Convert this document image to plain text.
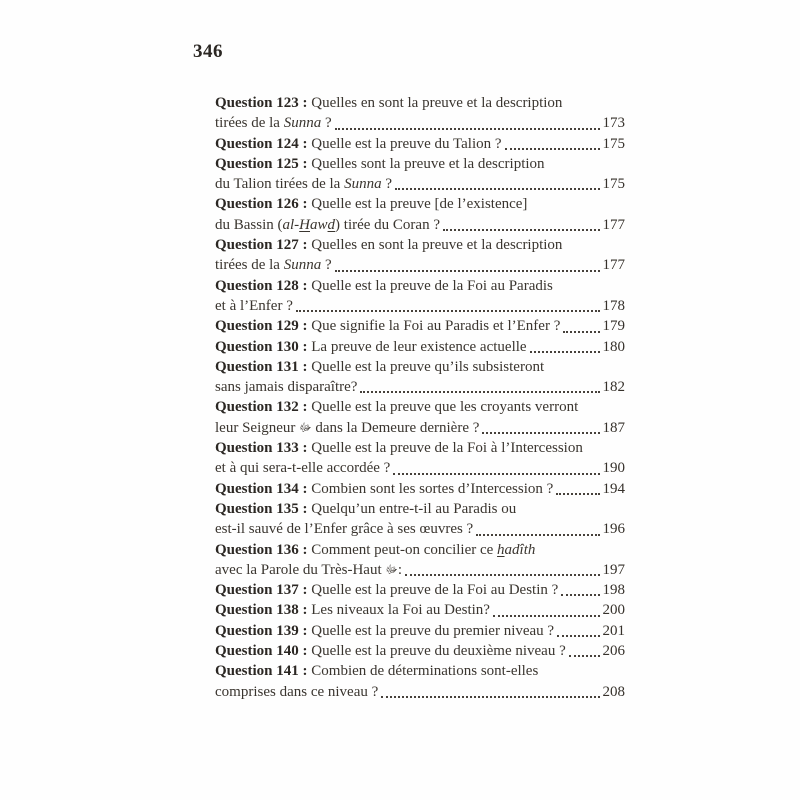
346
Question 123 : Quelles en sont la preuve et la description
tirées de la Sunna ?	173
Question 124 : Quelle est la preuve du Talion ?	175
Question 125 : Quelles sont la preuve et la description
du Talion tirées de la Sunna ?	175
Question 126 : Quelle est la preuve [de l’existence]
du Bassin (al-Hawd) tirée du Coran ?	177
Question 127 : Quelles en sont la preuve et la description
tirées de la Sunna ?	177
Question 128 : Quelle est la preuve de la Foi au Paradis
et à l’Enfer ?	178
Question 129 : Que signifie la Foi au Paradis et l’Enfer ?	179
Question 130 : La preuve de leur existence actuelle	180
Question 131 : Quelle est la preuve qu’ils subsisteront
sans jamais disparaître?	182
Question 132 : Quelle est la preuve que les croyants verront
leur Seigneur ﷻ dans la Demeure dernière ?	187
Question 133 : Quelle est la preuve de la Foi à l’Intercession
et à qui sera-t-elle accordée ?	190
Question 134 : Combien sont les sortes d’Intercession ?	194
Question 135 : Quelqu’un entre-t-il au Paradis ou
est-il sauvé de l’Enfer grâce à ses œuvres ?	196
Question 136 : Comment peut-on concilier ce hadîth
avec la Parole du Très-Haut ﷻ:	197
Question 137 : Quelle est la preuve de la Foi au Destin ?	198
Question 138 : Les niveaux la Foi au Destin?	200
Question 139 : Quelle est la preuve du premier niveau ?	201
Question 140 : Quelle est la preuve du deuxième niveau ? 206
Question 141 : Combien de déterminations sont-elles
comprises dans ce niveau ?	208
